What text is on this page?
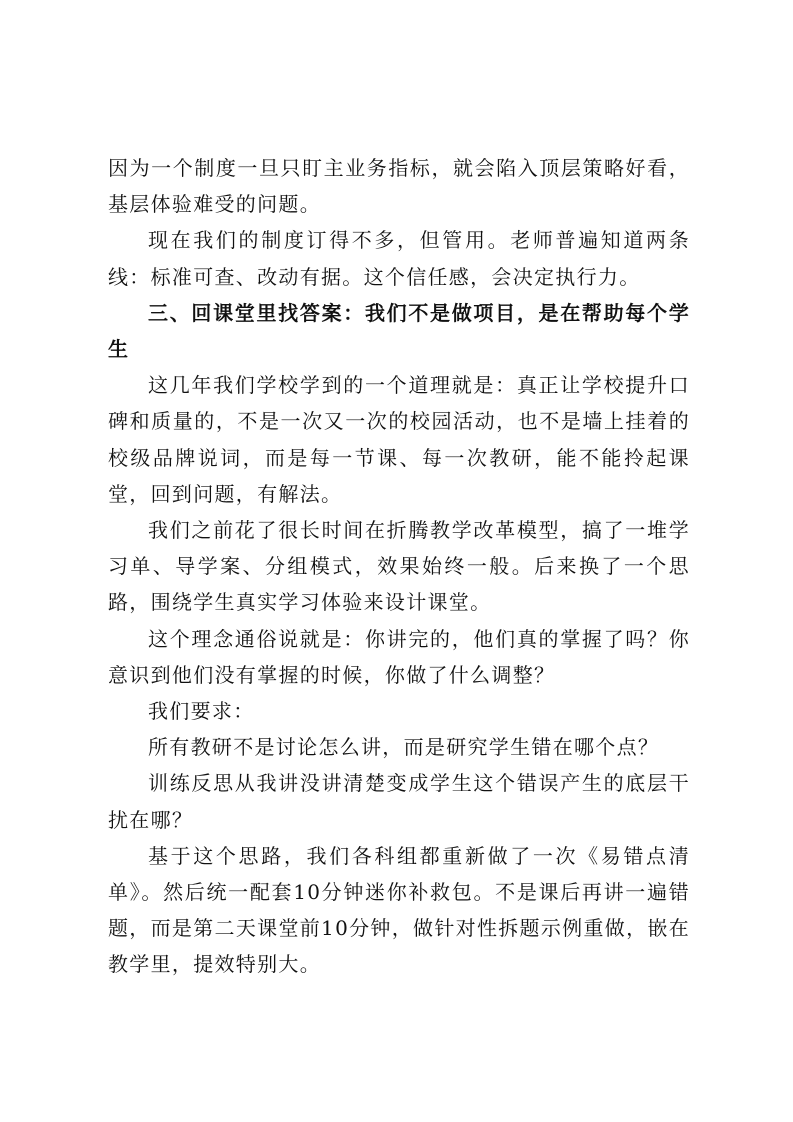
因为一个制度一旦只盯主业务指标，就会陷入顶层策略好看，基层体验难受的问题。

现在我们的制度订得不多，但管用。老师普遍知道两条线：标准可查、改动有据。这个信任感，会决定执行力。

三、回课堂里找答案：我们不是做项目，是在帮助每个学生

这几年我们学校学到的一个道理就是：真正让学校提升口碑和质量的，不是一次又一次的校园活动，也不是墙上挂着的校级品牌说词，而是每一节课、每一次教研，能不能拎起课堂，回到问题，有解法。

我们之前花了很长时间在折腾教学改革模型，搞了一堆学习单、导学案、分组模式，效果始终一般。后来换了一个思路，围绕学生真实学习体验来设计课堂。

这个理念通俗说就是：你讲完的，他们真的掌握了吗？你意识到他们没有掌握的时候，你做了什么调整？

我们要求：

所有教研不是讨论怎么讲，而是研究学生错在哪个点？

训练反思从我讲没讲清楚变成学生这个错误产生的底层干扰在哪？

基于这个思路，我们各科组都重新做了一次《易错点清单》。然后统一配套10分钟迷你补救包。不是课后再讲一遍错题，而是第二天课堂前10分钟，做针对性拆题示例重做，嵌在教学里，提效特别大。
